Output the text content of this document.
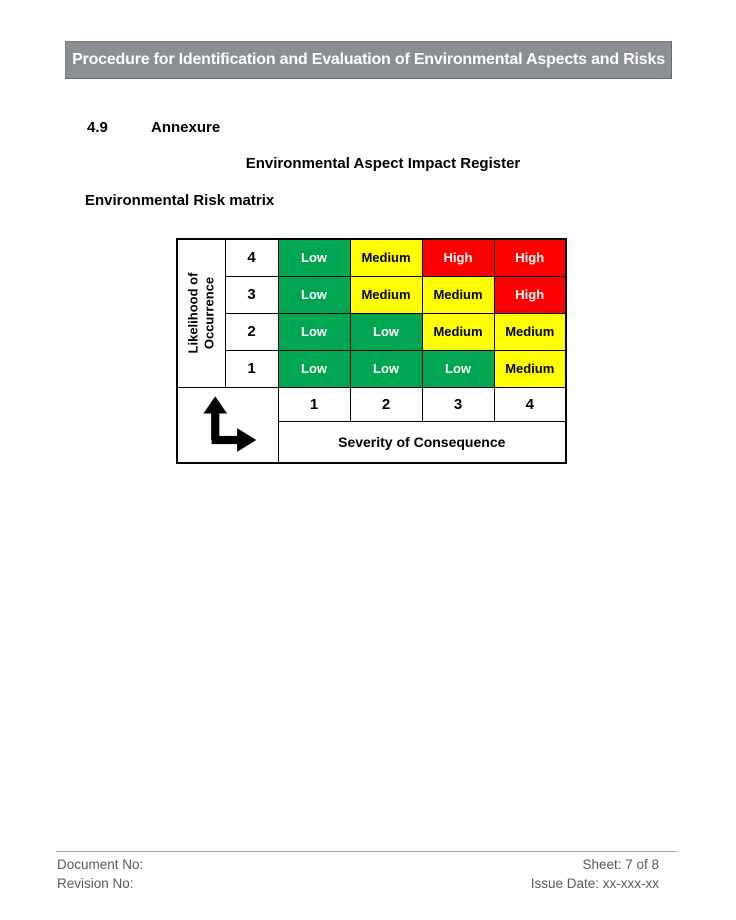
Procedure for Identification and Evaluation of Environmental Aspects and Risks
4.9	Annexure
Environmental Aspect Impact Register
Environmental Risk matrix
Likelihood of Occurrence	4	Low	Medium	High	High
	3	Low	Medium	Medium	High
	2	Low	Low	Medium	Medium
	1	Low	Low	Low	Medium

	1	2	3	4
		Severity of Consequence			
Document No:
Revision No:
Sheet: 7 of 8
Issue Date: xx-xxx-xx
